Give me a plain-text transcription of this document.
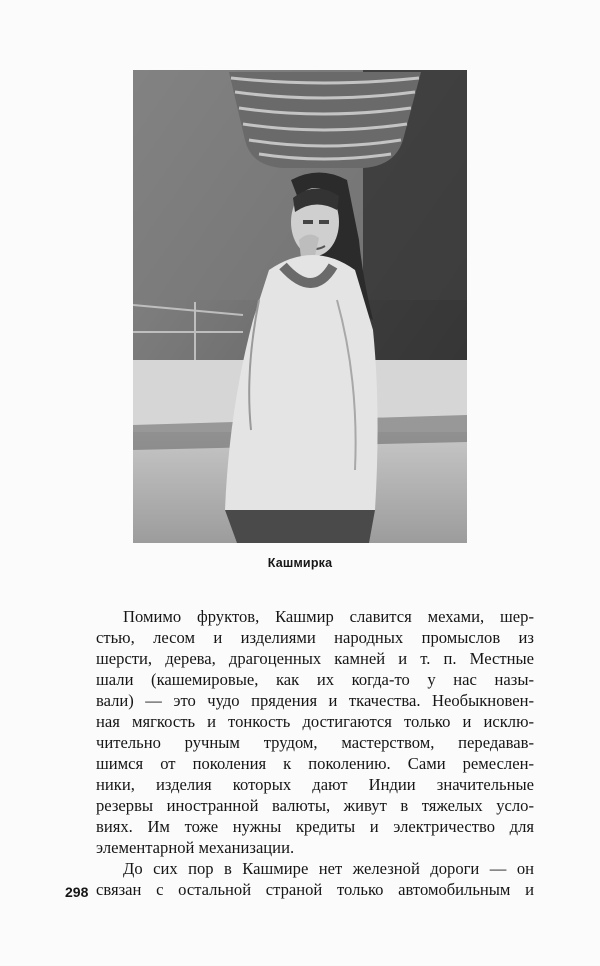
Кашмирка
Помимо фруктов, Кашмир славится мехами, шер-
стью, лесом и изделиями народных промыслов из
шерсти, дерева, драгоценных камней и т. п. Местные
шали (кашемировые, как их когда-то у нас назы-
вали) — это чудо прядения и ткачества. Необыкновен-
ная мягкость и тонкость достигаются только и исклю-
чительно ручным трудом, мастерством, передавав-
шимся от поколения к поколению. Сами ремеслен-
ники, изделия которых дают Индии значительные
резервы иностранной валюты, живут в тяжелых усло-
виях. Им тоже нужны кредиты и электричество для
элементарной механизации.
До сих пор в Кашмире нет железной дороги — он
связан с остальной страной только автомобильным и
298
